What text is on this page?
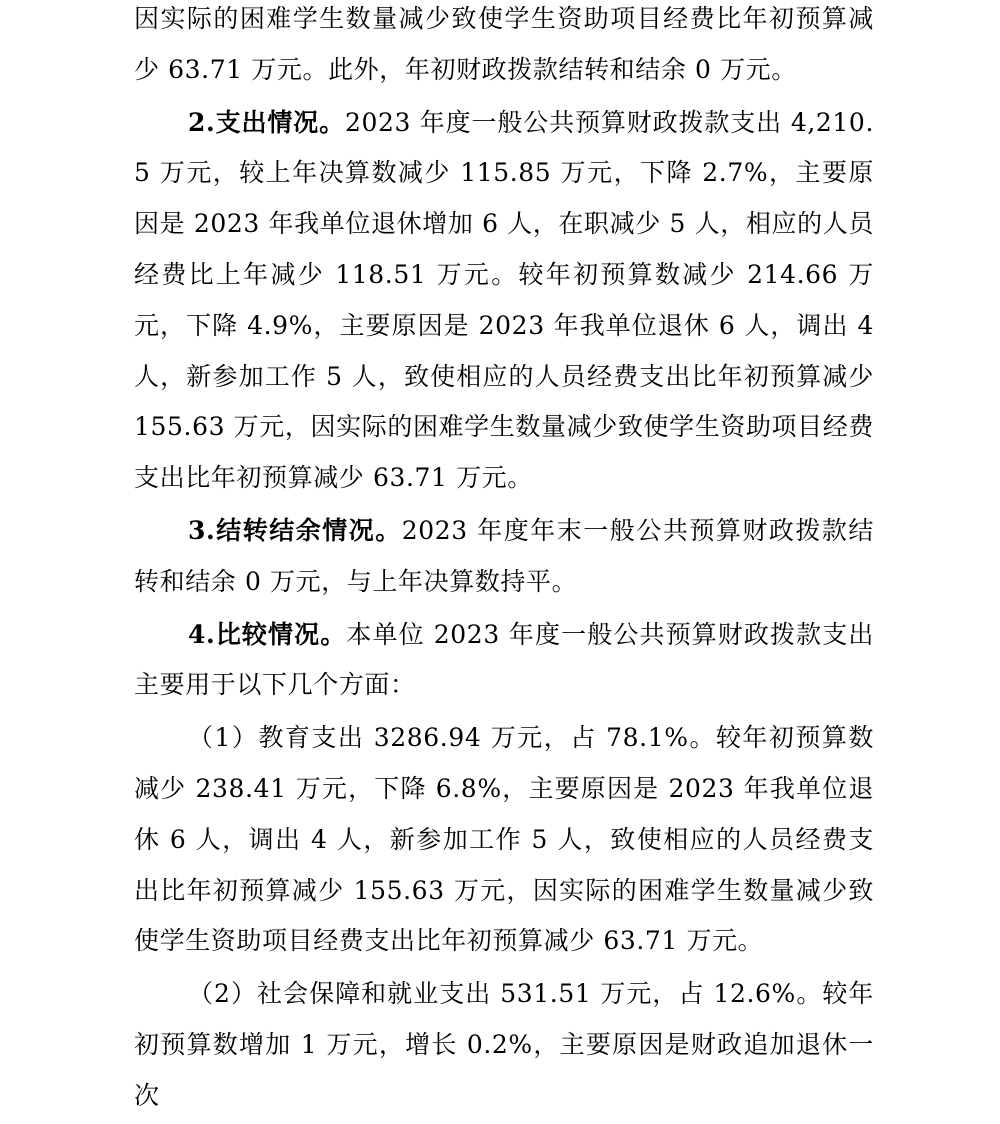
因实际的困难学生数量减少致使学生资助项目经费比年初预算减少 63.71 万元。此外，年初财政拨款结转和结余 0 万元。

2.支出情况。2023 年度一般公共预算财政拨款支出 4,210.5 万元，较上年决算数减少 115.85 万元，下降 2.7%，主要原因是 2023 年我单位退休增加 6 人，在职减少 5 人，相应的人员经费比上年减少 118.51 万元。较年初预算数减少 214.66 万元，下降 4.9%，主要原因是 2023 年我单位退休 6 人，调出 4 人，新参加工作 5 人，致使相应的人员经费支出比年初预算减少 155.63 万元，因实际的困难学生数量减少致使学生资助项目经费支出比年初预算减少 63.71 万元。

3.结转结余情况。2023 年度年末一般公共预算财政拨款结转和结余 0 万元，与上年决算数持平。

4.比较情况。本单位 2023 年度一般公共预算财政拨款支出主要用于以下几个方面：

（1）教育支出 3286.94 万元，占 78.1%。较年初预算数减少 238.41 万元，下降 6.8%，主要原因是 2023 年我单位退休 6 人，调出 4 人，新参加工作 5 人，致使相应的人员经费支出比年初预算减少 155.63 万元，因实际的困难学生数量减少致使学生资助项目经费支出比年初预算减少 63.71 万元。

（2）社会保障和就业支出 531.51 万元，占 12.6%。较年初预算数增加 1 万元，增长 0.2%，主要原因是财政追加退休一次
